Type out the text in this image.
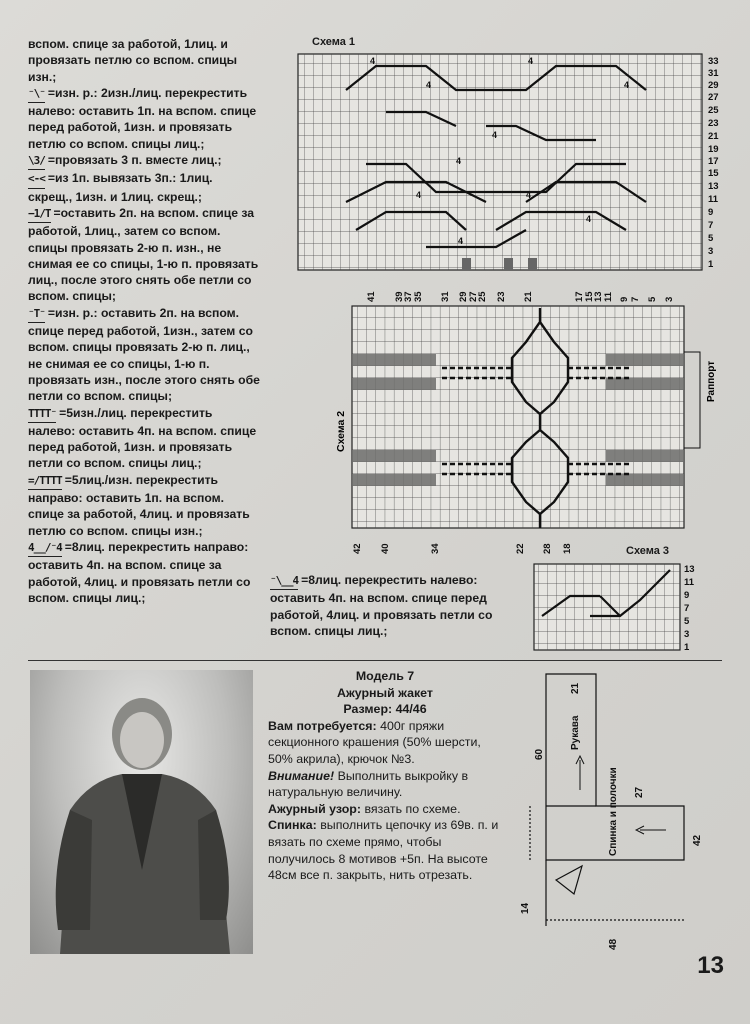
вспом. спице за работой, 1лиц. и провязать петлю со вспом. спицы изн.;

⁻\⁻ =изн. р.: 2изн./лиц. перекрестить налево: оставить 1п. на вспом. спице перед работой, 1изн. и провязать петлю со вспом. спицы лиц.;

\3/ =провязать 3 п. вместе лиц.;

<-< =из 1п. вывязать 3п.: 1лиц. скрещ., 1изн. и 1лиц. скрещ.;

−1/T =оставить 2п. на вспом. спице за работой, 1лиц., затем со вспом. спицы провязать 2-ю п. изн., не снимая ее со спицы, 1-ю п. провязать лиц., после этого снять обе петли со вспом. спицы;

⁻T⁻ =изн. р.: оставить 2п. на вспом. спице перед работой, 1изн., затем со вспом. спицы провязать 2-ю п. лиц., не снимая ее со спицы, 1-ю п. провязать изн., после этого снять обе петли со вспом. спицы;

TTTT⁻ =5изн./лиц. перекрестить налево: оставить 4п. на вспом. спице перед работой, 1изн. и провязать петли со вспом. спицы лиц.;

=/TTTT =5лиц./изн. перекрестить направо: оставить 1п. на вспом. спице за работой, 4лиц. и провязать петлю со вспом. спицы изн.;

4__/⁻4 =8лиц. перекрестить направо: оставить 4п. на вспом. спице за работой, 4лиц. и провязать петли со вспом. спицы лиц.;

Схема 1
4	4
4	4
4
4
4	4
4
4
33
31
29
27
25
23
21
19
17
15
13
11
9
7
5
3
1
41 39
37 35 31 29 27
25 23 21	17 15
13 11 9 7 5 3
Раппорт
Схема 2
42 40	34	22 28 18	Схема 3
13
11
9
7
5
3
1

⁻\__4 =8лиц. перекрестить налево: оставить 4п. на вспом. спице перед работой, 4лиц. и провязать петли со вспом. спицы лиц.;

Модель 7

Ажурный жакет

Размер: 44/46

Вам потребуется: 400г пряжи секционного крашения (50% шерсти, 50% акрила), крючок №3.

Внимание! Выполнить выкройку в натуральную величину.

Ажурный узор: вязать по схеме.

Спинка: выполнить цепочку из 69в. п. и вязать по схеме прямо, чтобы получилось 8 мотивов +5п. На высоте 48см все п. закрыть, нить отрезать.

Рукава
Спинка и полочки
21
60
27
42
14
48
13
